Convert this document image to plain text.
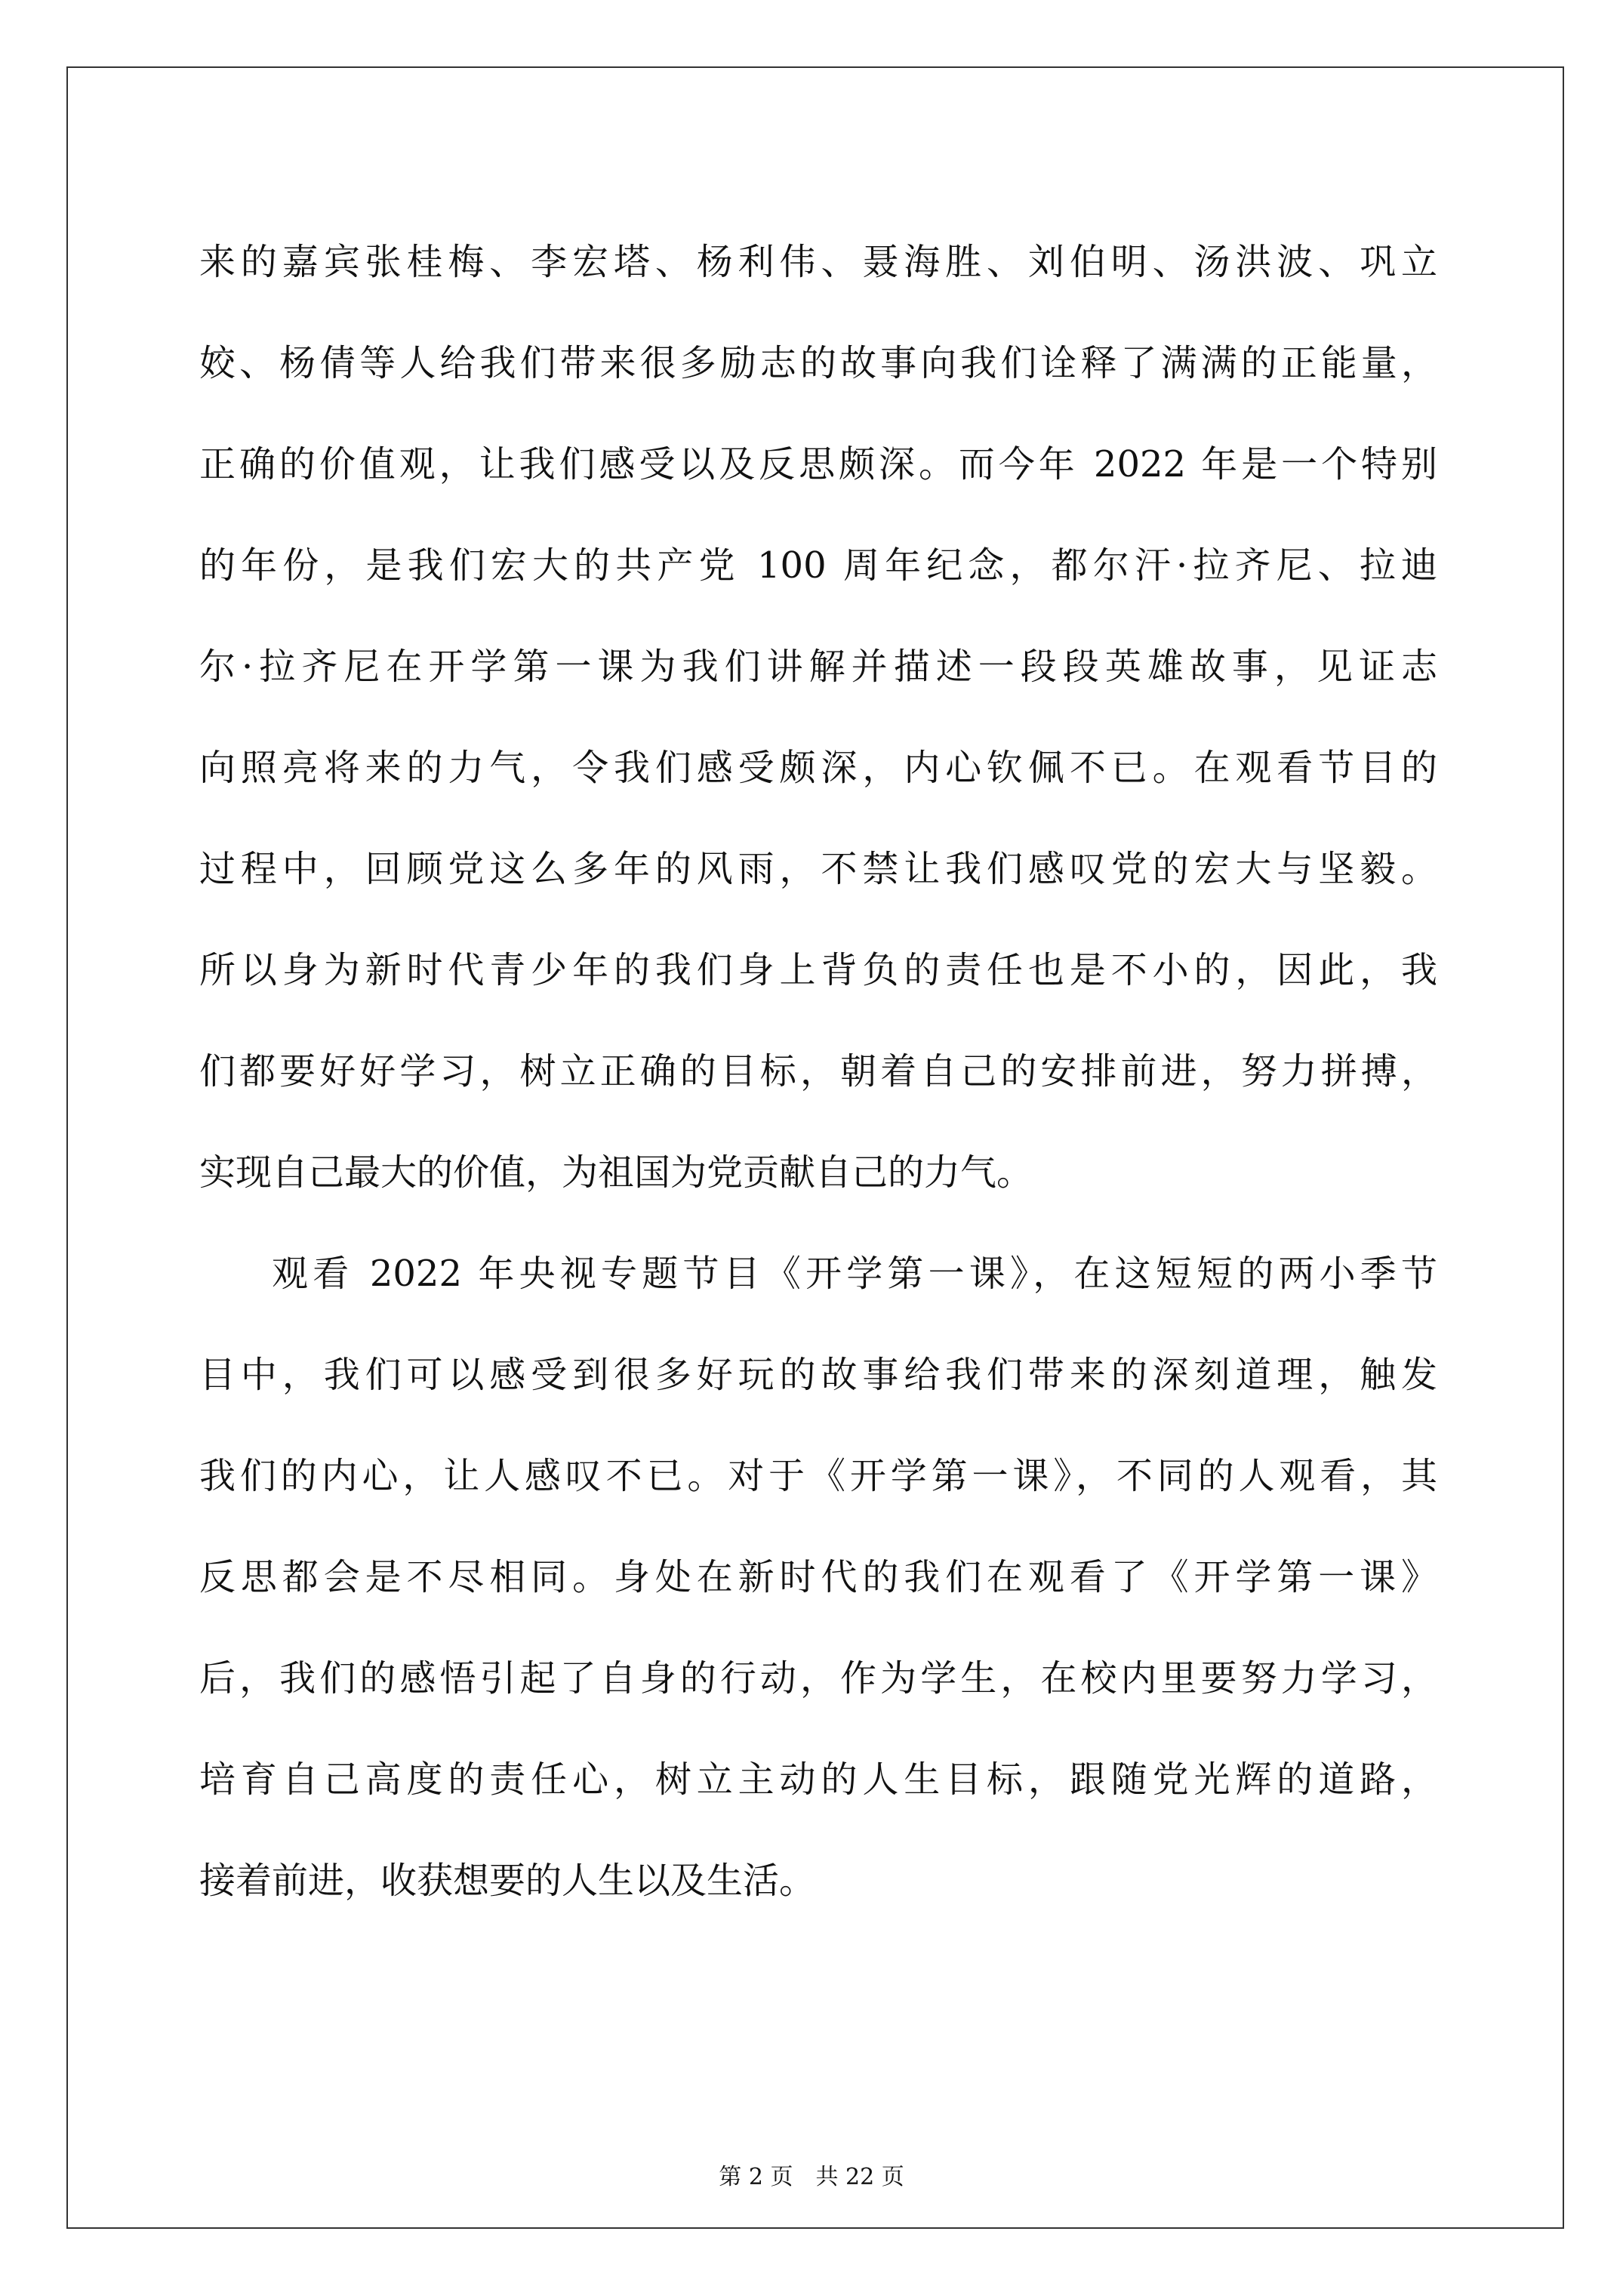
来的嘉宾张桂梅、李宏塔、杨利伟、聂海胜、刘伯明、汤洪波、巩立
姣、杨倩等人给我们带来很多励志的故事向我们诠释了满满的正能量，
正确的价值观，让我们感受以及反思颇深。而今年 2022 年是一个特别
的年份，是我们宏大的共产党 100 周年纪念，都尔汗·拉齐尼、拉迪
尔·拉齐尼在开学第一课为我们讲解并描述一段段英雄故事，见证志
向照亮将来的力气，令我们感受颇深，内心钦佩不已。在观看节目的
过程中，回顾党这么多年的风雨，不禁让我们感叹党的宏大与坚毅。
所以身为新时代青少年的我们身上背负的责任也是不小的，因此，我
们都要好好学习，树立正确的目标，朝着自己的安排前进，努力拼搏，
实现自己最大的价值，为祖国为党贡献自己的力气。
观看 2022 年央视专题节目《开学第一课》，在这短短的两小季节
目中，我们可以感受到很多好玩的故事给我们带来的深刻道理，触发
我们的内心，让人感叹不已。对于《开学第一课》，不同的人观看，其
反思都会是不尽相同。身处在新时代的我们在观看了《开学第一课》
后，我们的感悟引起了自身的行动，作为学生，在校内里要努力学习，
培育自己高度的责任心，树立主动的人生目标，跟随党光辉的道路，
接着前进，收获想要的人生以及生活。
第 2 页　共 22 页
